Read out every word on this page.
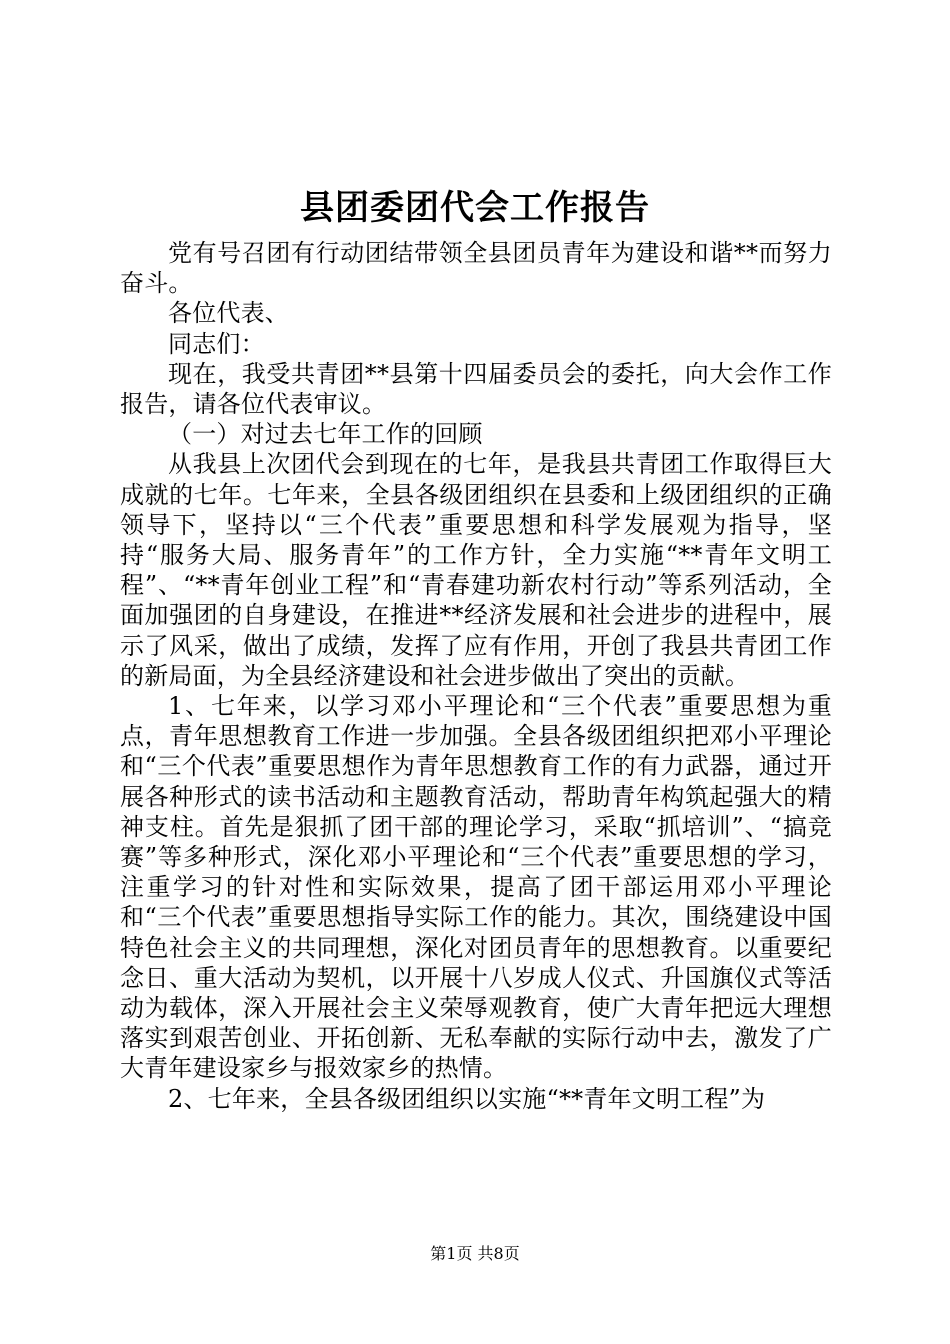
县团委团代会工作报告

党有号召团有行动团结带领全县团员青年为建设和谐**而努力奋斗。

各位代表、

同志们：

现在，我受共青团**县第十四届委员会的委托，向大会作工作报告，请各位代表审议。

（一）对过去七年工作的回顾

从我县上次团代会到现在的七年，是我县共青团工作取得巨大成就的七年。七年来，全县各级团组织在县委和上级团组织的正确领导下，坚持以“三个代表”重要思想和科学发展观为指导，坚持“服务大局、服务青年”的工作方针，全力实施“**青年文明工程”、“**青年创业工程”和“青春建功新农村行动”等系列活动，全面加强团的自身建设，在推进**经济发展和社会进步的进程中，展示了风采，做出了成绩，发挥了应有作用，开创了我县共青团工作的新局面，为全县经济建设和社会进步做出了突出的贡献。

1、七年来，以学习邓小平理论和“三个代表”重要思想为重点，青年思想教育工作进一步加强。全县各级团组织把邓小平理论和“三个代表”重要思想作为青年思想教育工作的有力武器，通过开展各种形式的读书活动和主题教育活动，帮助青年构筑起强大的精神支柱。首先是狠抓了团干部的理论学习，采取“抓培训”、“搞竞赛”等多种形式，深化邓小平理论和“三个代表”重要思想的学习，注重学习的针对性和实际效果，提高了团干部运用邓小平理论和“三个代表”重要思想指导实际工作的能力。其次，围绕建设中国特色社会主义的共同理想，深化对团员青年的思想教育。以重要纪念日、重大活动为契机，以开展十八岁成人仪式、升国旗仪式等活动为载体，深入开展社会主义荣辱观教育，使广大青年把远大理想落实到艰苦创业、开拓创新、无私奉献的实际行动中去，激发了广大青年建设家乡与报效家乡的热情。

2、七年来，全县各级团组织以实施“**青年文明工程”为

第1页 共8页
